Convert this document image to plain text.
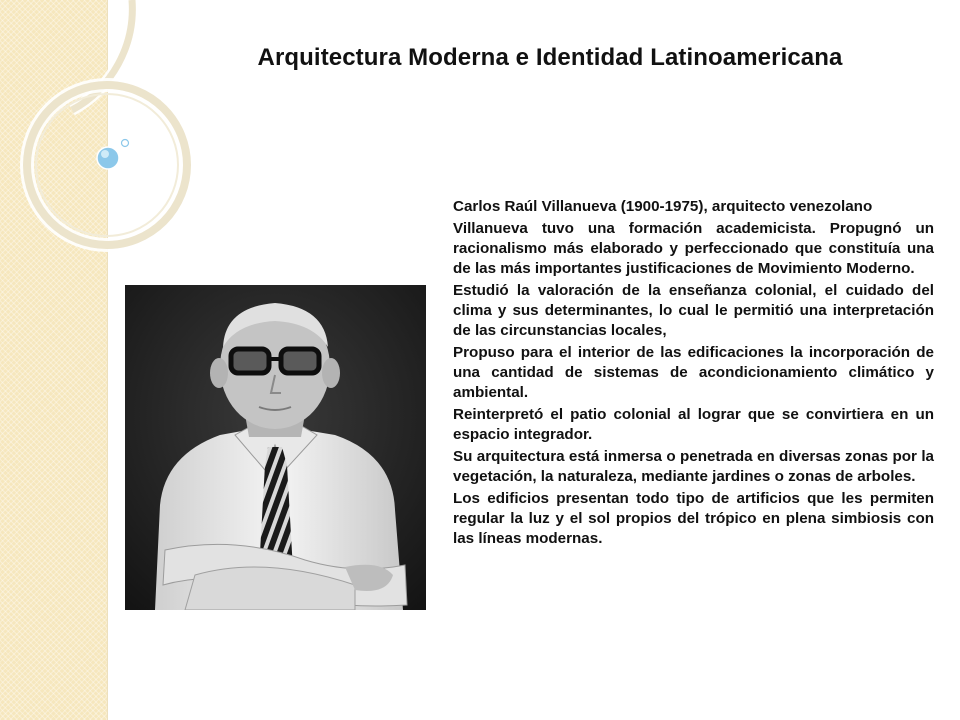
Arquitectura Moderna e Identidad Latinoamericana

Carlos Raúl Villanueva (1900-1975), arquitecto venezolano

Villanueva tuvo una formación academicista. Propugnó un racionalismo más elaborado y perfeccionado que constituía una de las más importantes justificaciones de Movimiento Moderno.

Estudió la valoración de la enseñanza colonial, el cuidado del clima y sus determinantes, lo cual le permitió una interpretación de las circunstancias locales,

Propuso para el interior de las edificaciones la incorporación de una cantidad de sistemas de acondicionamiento climático y ambiental.

Reinterpretó el patio colonial al lograr que se convirtiera en un espacio integrador.

Su arquitectura está inmersa o penetrada en diversas zonas por la vegetación, la naturaleza, mediante jardines o zonas de arboles.

Los edificios presentan todo tipo de artificios que les permiten regular la luz y el sol propios del trópico en plena simbiosis con las líneas modernas.
